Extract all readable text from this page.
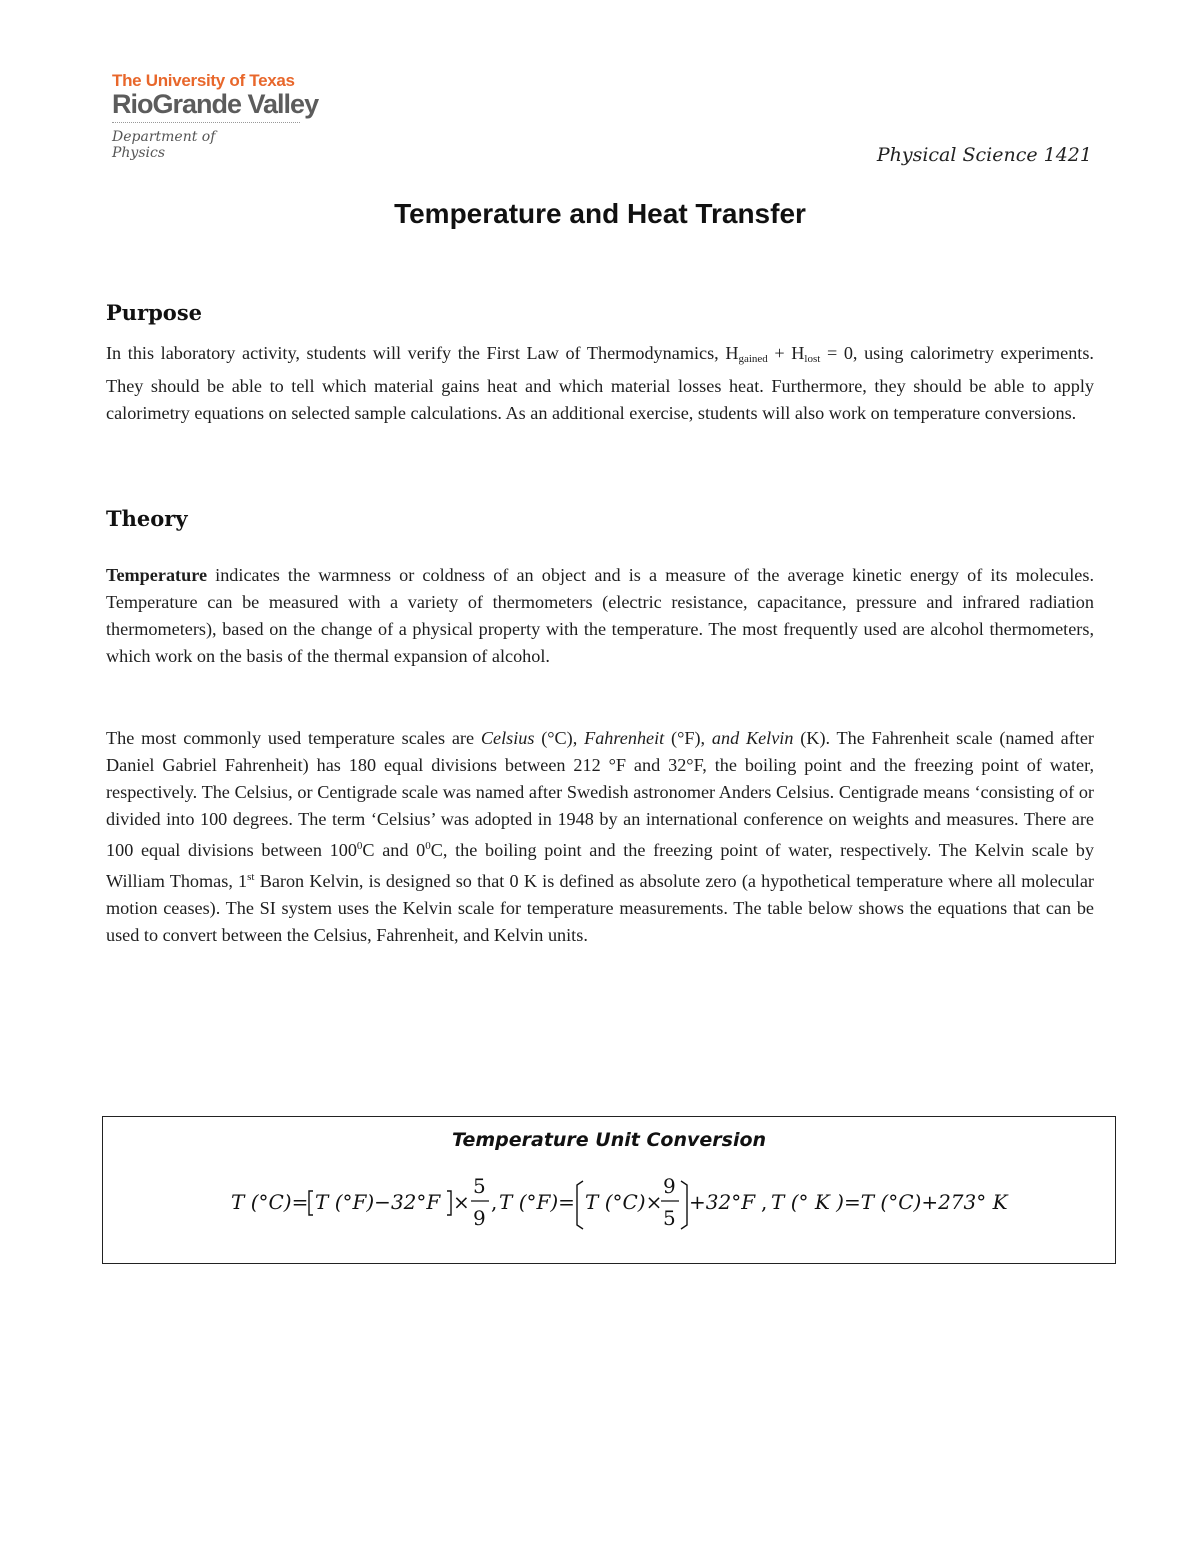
The University of Texas
RioGrande Valley
Department of
Physics	Physical Science 1421
Temperature and Heat Transfer
Purpose
In this laboratory activity, students will verify the First Law of Thermodynamics, $H_{gained} + H_{lost} = 0$, using calorimetry experiments. They should be able to tell which material gains heat and which material losses heat. Furthermore, they should be able to apply calorimetry equations on selected sample calculations. As an additional exercise, students will also work on temperature conversions.
Theory
Temperature indicates the warmness or coldness of an object and is a measure of the average kinetic energy of its molecules. Temperature can be measured with a variety of thermometers (electric resistance, capacitance, pressure and infrared radiation thermometers), based on the change of a physical property with the temperature. The most frequently used are alcohol thermometers, which work on the basis of the thermal expansion of alcohol.
The most commonly used temperature scales are Celsius (°C), Fahrenheit (°F), and Kelvin (K). The Fahrenheit scale (named after Daniel Gabriel Fahrenheit) has 180 equal divisions between 212 °F and 32°F, the boiling point and the freezing point of water, respectively. The Celsius, or Centigrade scale was named after Swedish astronomer Anders Celsius. Centigrade means ‘consisting of or divided into 100 degrees. The term ‘Celsius’ was adopted in 1948 by an international conference on weights and measures. There are 100 equal divisions between $100^0C$ and $0^0C$, the boiling point and the freezing point of water, respectively. The Kelvin scale by William Thomas, 1st Baron Kelvin, is designed so that 0 K is defined as absolute zero (a hypothetical temperature where all molecular motion ceases). The SI system uses the Kelvin scale for temperature measurements. The table below shows the equations that can be used to convert between the Celsius, Fahrenheit, and Kelvin units.
Temperature Unit Conversion
T (°C)= T (°F)−32°F ×
5
9
, T (°F)= T (°C)×
9
5
+32°F , T (° K )=T (°C)+273° K
